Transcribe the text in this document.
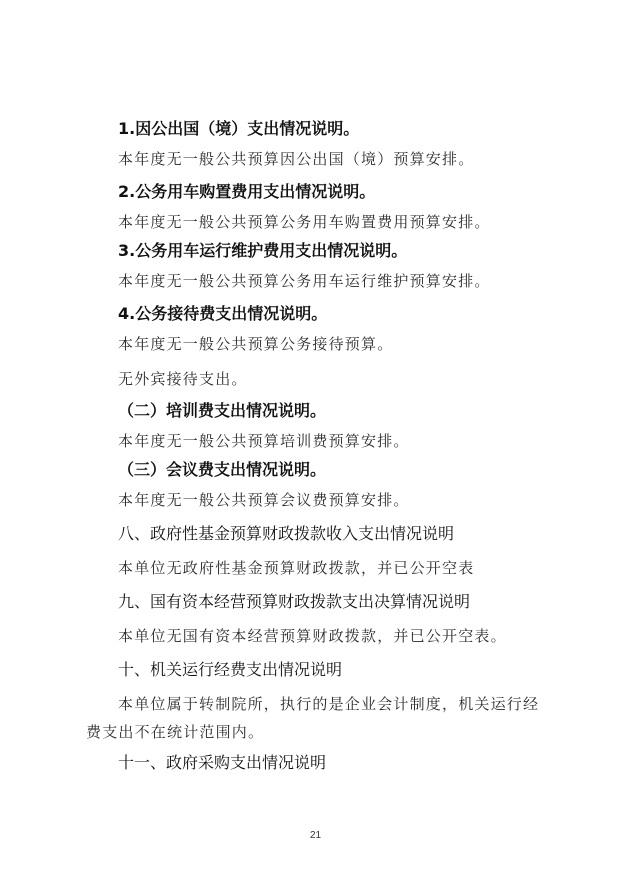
1.因公出国（境）支出情况说明。
本年度无一般公共预算因公出国（境）预算安排。
2.公务用车购置费用支出情况说明。
本年度无一般公共预算公务用车购置费用预算安排。
3.公务用车运行维护费用支出情况说明。
本年度无一般公共预算公务用车运行维护预算安排。
4.公务接待费支出情况说明。
本年度无一般公共预算公务接待预算。
无外宾接待支出。
（二）培训费支出情况说明。
本年度无一般公共预算培训费预算安排。
（三）会议费支出情况说明。
本年度无一般公共预算会议费预算安排。
八、政府性基金预算财政拨款收入支出情况说明
本单位无政府性基金预算财政拨款，并已公开空表
九、国有资本经营预算财政拨款支出决算情况说明
本单位无国有资本经营预算财政拨款，并已公开空表。
十、机关运行经费支出情况说明
本单位属于转制院所，执行的是企业会计制度，机关运行经
费支出不在统计范围内。
十一、政府采购支出情况说明
21
